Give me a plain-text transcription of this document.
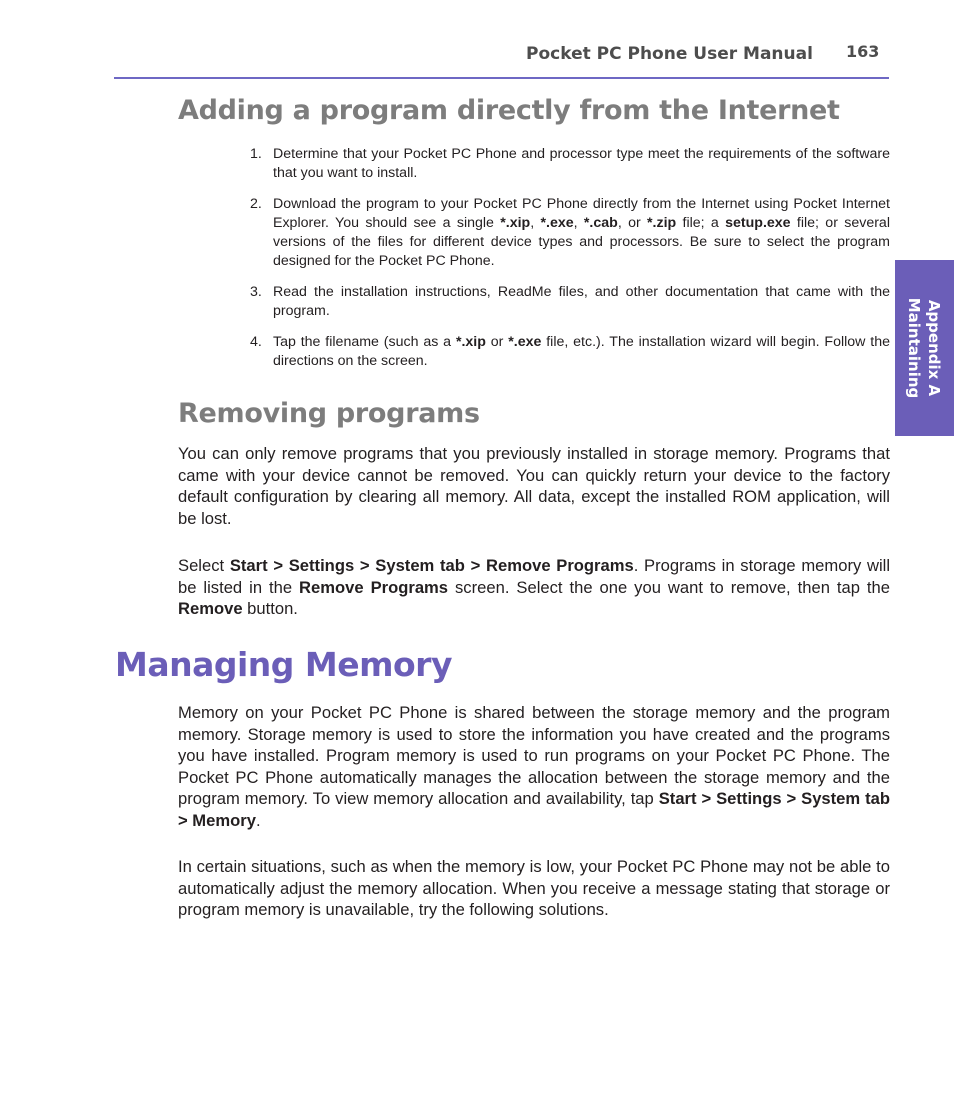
Pocket PC Phone User Manual 163
Appendix A
Maintaining
Adding a program directly from the Internet
1. Determine that your Pocket PC Phone and processor type meet the requirements of the software that you want to install.
2. Download the program to your Pocket PC Phone directly from the Internet using Pocket Internet Explorer. You should see a single *.xip, *.exe, *.cab, or *.zip file; a setup.exe file; or several versions of the files for different device types and processors. Be sure to select the program designed for the Pocket PC Phone.
3. Read the installation instructions, ReadMe files, and other documentation that came with the program.
4. Tap the filename (such as a *.xip or *.exe file, etc.). The installation wizard will begin. Follow the directions on the screen.
Removing programs

You can only remove programs that you previously installed in storage memory. Programs that came with your device cannot be removed. You can quickly return your device to the factory default configuration by clearing all memory. All data, except the installed ROM application, will be lost.

Select Start > Settings > System tab > Remove Programs. Programs in storage memory will be listed in the Remove Programs screen. Select the one you want to remove, then tap the Remove button.

Managing Memory

Memory on your Pocket PC Phone is shared between the storage memory and the program memory. Storage memory is used to store the information you have created and the programs you have installed. Program memory is used to run programs on your Pocket PC Phone. The Pocket PC Phone automatically manages the allocation between the storage memory and the program memory. To view memory allocation and availability, tap Start > Settings > System tab > Memory.

In certain situations, such as when the memory is low, your Pocket PC Phone may not be able to automatically adjust the memory allocation. When you receive a message stating that storage or program memory is unavailable, try the following solutions.
